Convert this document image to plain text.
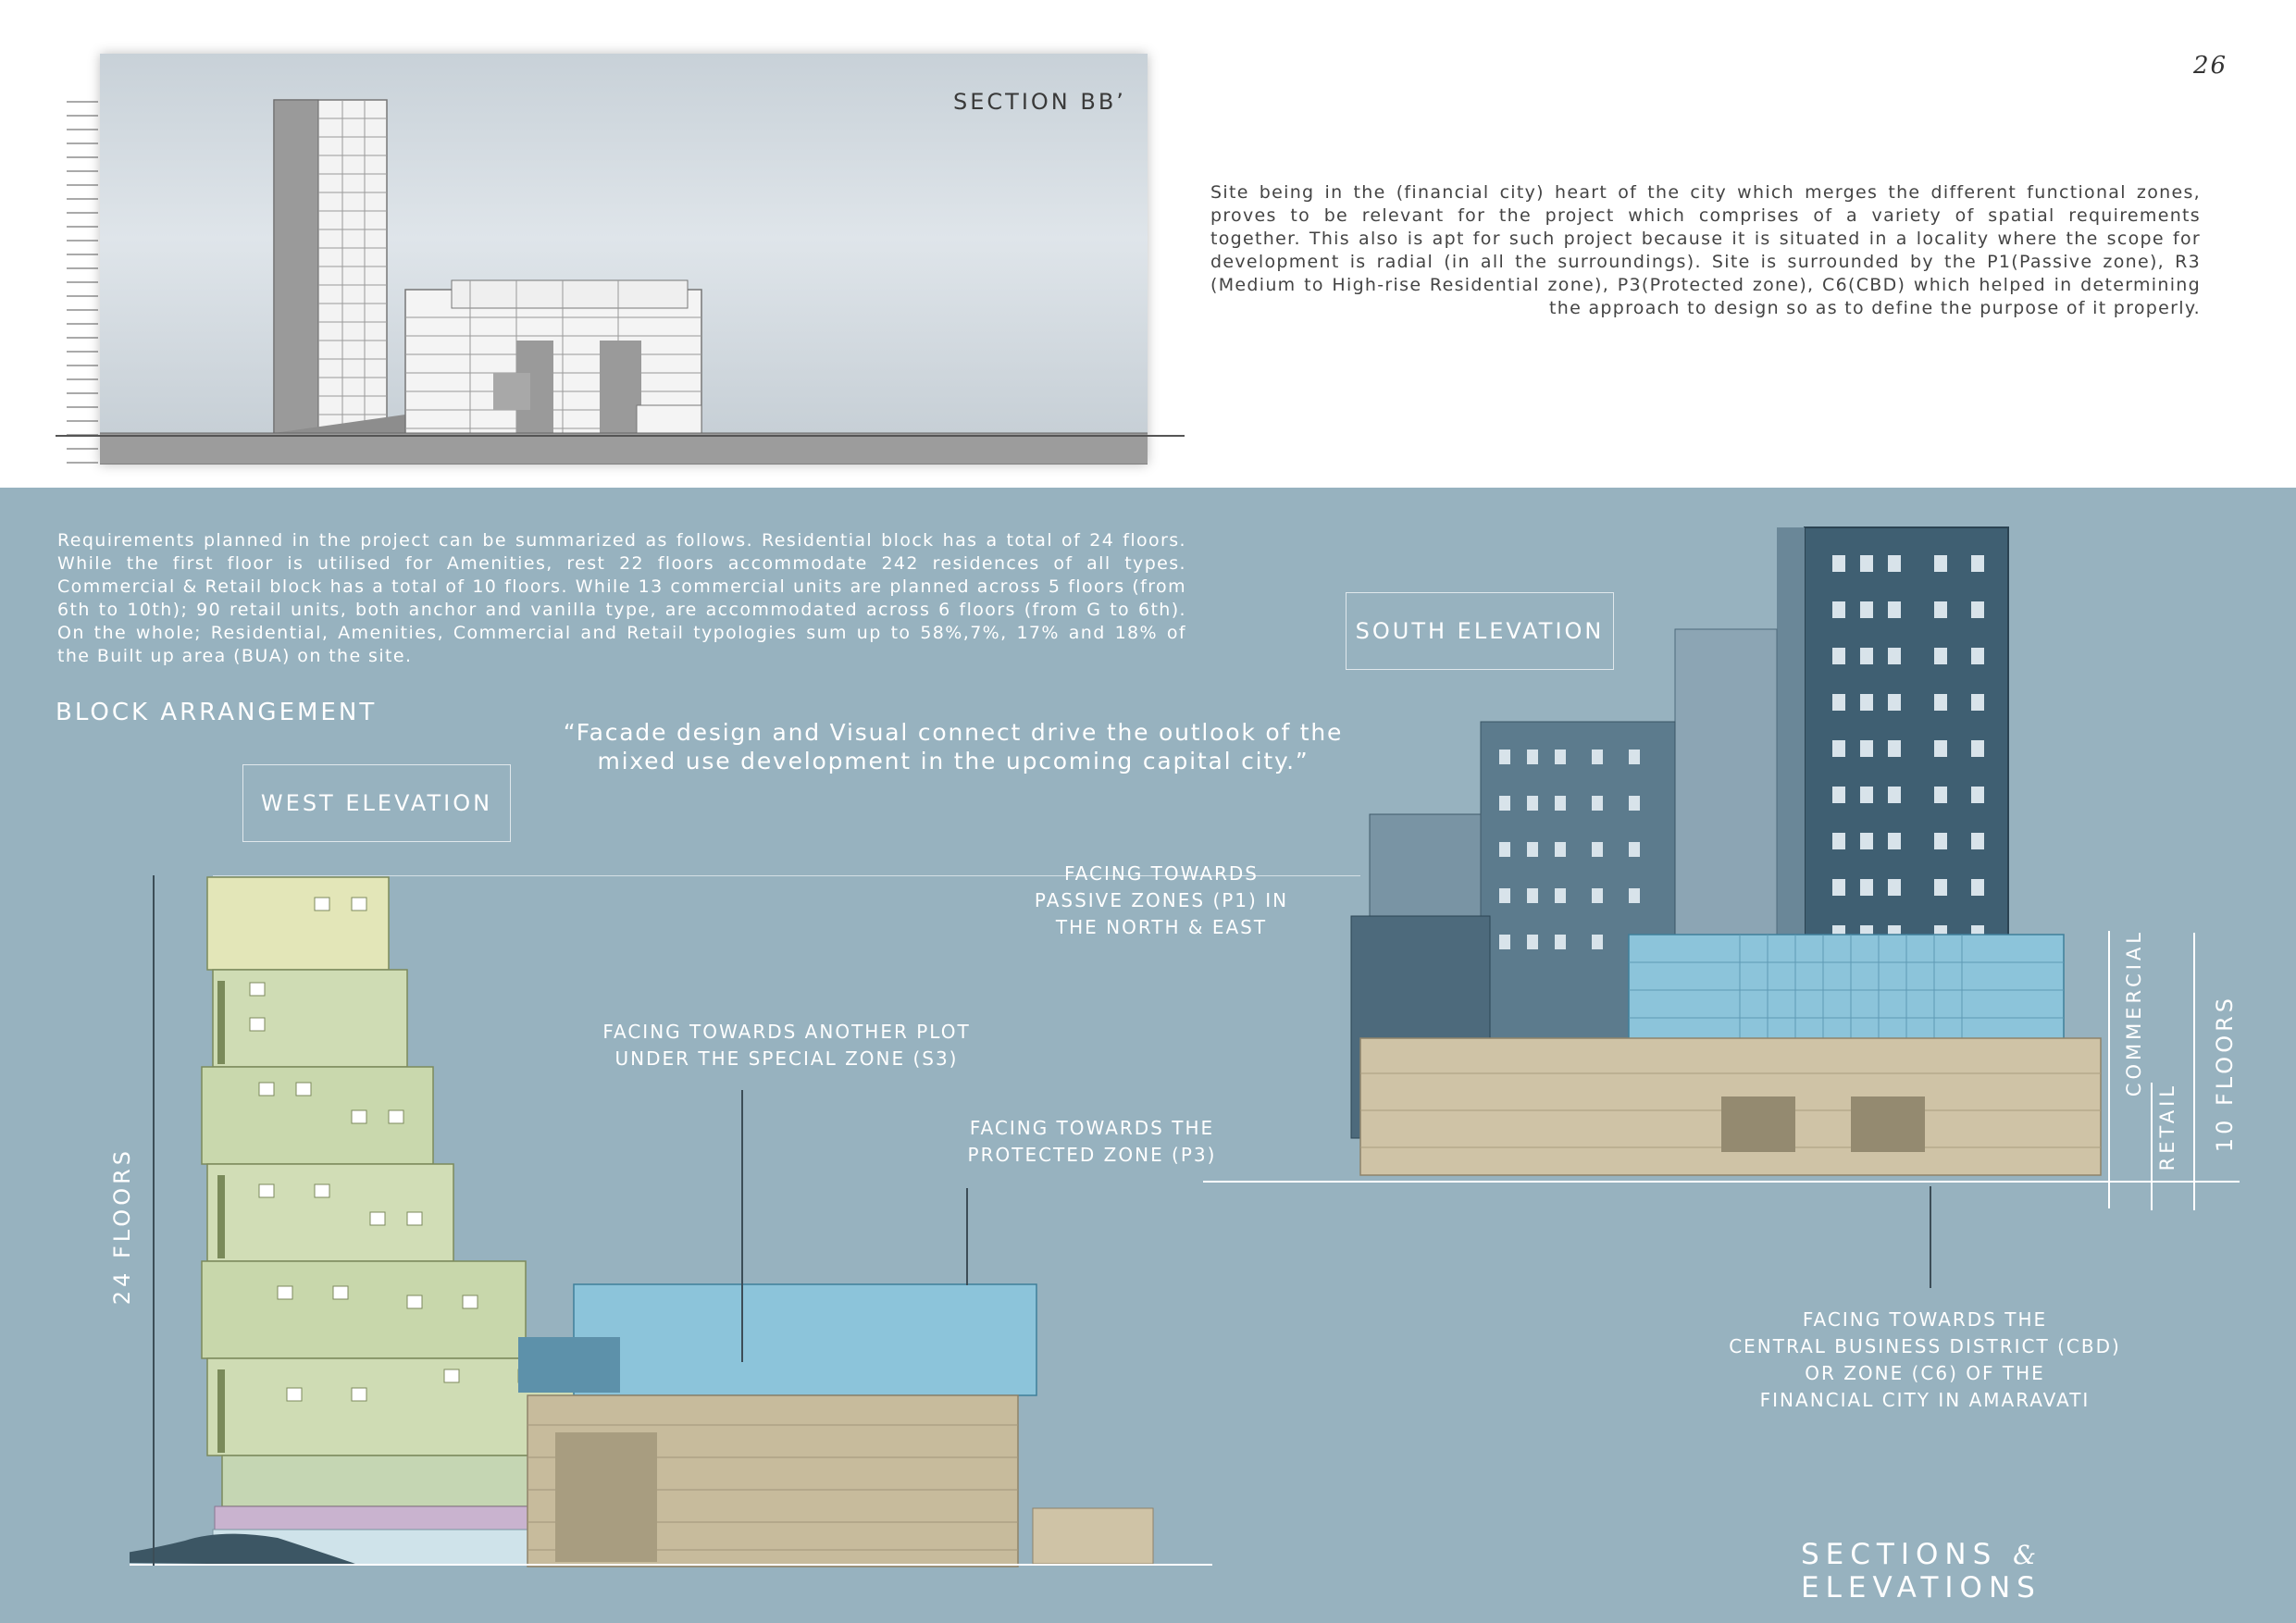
26
SECTION BB’
Site being in the (financial city) heart of the city which merges the different functional zones, proves to be relevant for the project which comprises of a variety of spatial requirements together. This also is apt for such project because it is situated in a locality where the scope for development is radial (in all the surroundings). Site is surrounded by the P1(Passive zone), R3 (Medium to High-rise Residential zone), P3(Protected zone), C6(CBD) which helped in determining the approach to design so as to define the purpose of it properly.
Requirements planned in the project can be summarized as follows. Residential block has a total of 24 floors. While the first floor is utilised for Amenities, rest 22 floors accommodate 242 residences of all types. Commercial & Retail block has a total of 10 floors. While 13 commercial units are planned across 5 floors (from 6th to 10th); 90 retail units, both anchor and vanilla type, are accommodated across 6 floors (from G to 6th). On the whole; Residential, Amenities, Commercial and Retail typologies sum up to 58%,7%, 17% and 18% of the Built up area (BUA) on the site.
BLOCK ARRANGEMENT
“Facade design and Visual connect drive the outlook of the
mixed use development in the upcoming capital city.”
WEST ELEVATION
SOUTH ELEVATION
24 FLOORS
10 FLOORS
COMMERCIAL
RETAIL
FACING TOWARDS
PASSIVE ZONES (P1) IN
THE NORTH & EAST
FACING TOWARDS ANOTHER PLOT
UNDER THE SPECIAL ZONE (S3)
FACING TOWARDS THE
PROTECTED ZONE (P3)
FACING TOWARDS THE
CENTRAL BUSINESS DISTRICT (CBD)
OR ZONE (C6) OF THE
FINANCIAL CITY IN AMARAVATI
SECTIONS & ELEVATIONS
